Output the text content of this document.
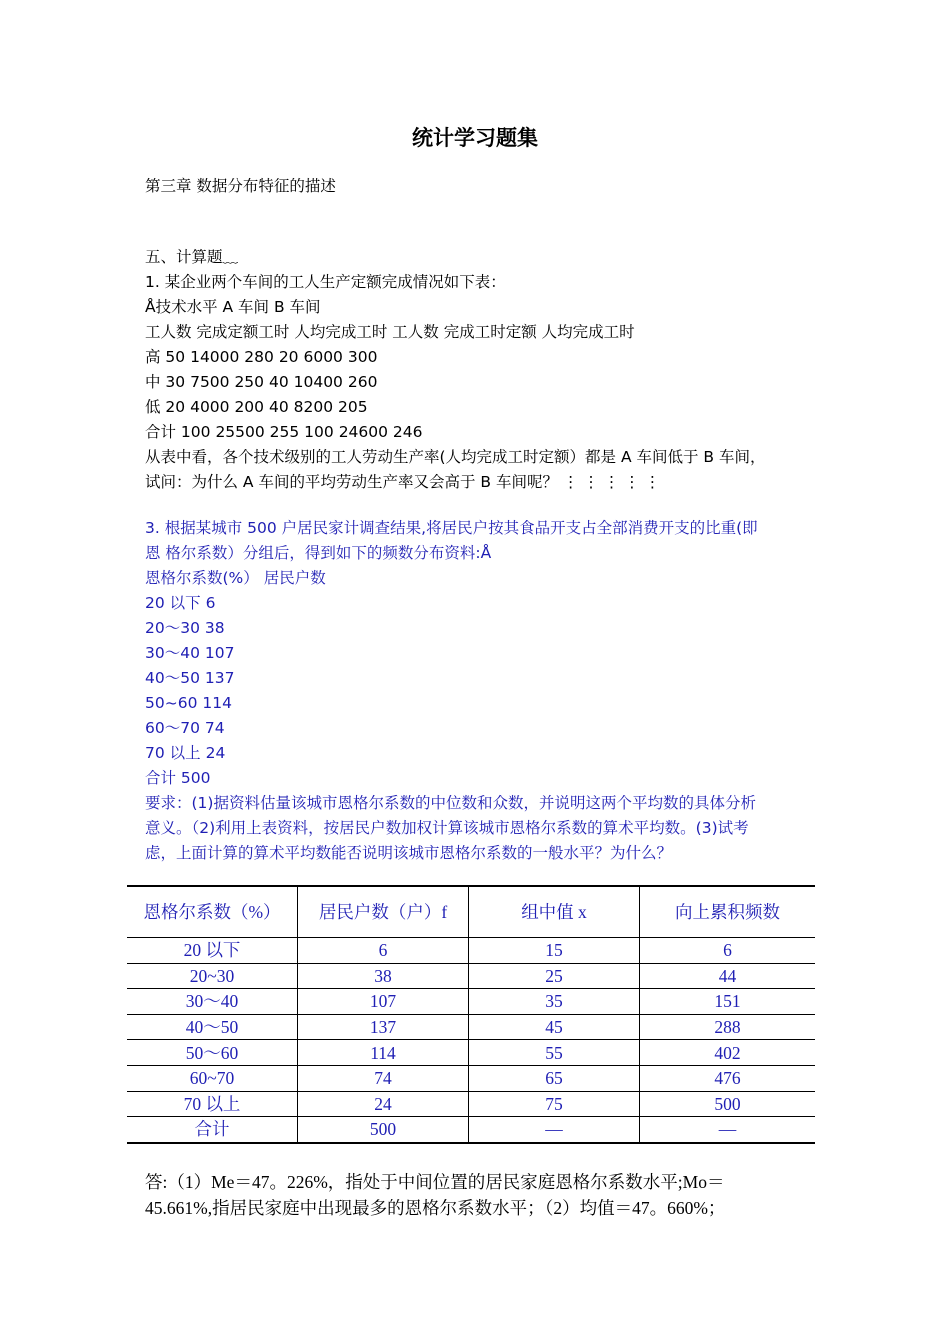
统计学习题集
第三章 数据分布特征的描述
五、计算题﹏
1. 某企业两个车间的工人生产定额完成情况如下表：
Å技术水平 A 车间 B 车间
工人数 完成定额工时 人均完成工时 工人数 完成工时定额 人均完成工时
高 50 14000 280 20 6000 300
中 30 7500 250 40 10400 260
低 20 4000 200 40 8200 205
合计 100 25500 255 100 24600 246
从表中看，各个技术级别的工人劳动生产率(人均完成工时定额）都是 A 车间低于 B 车间，
试问：为什么 A 车间的平均劳动生产率又会高于 B 车间呢？ ⋮ ⋮ ⋮ ⋮ ⋮
3. 根据某城市 500 户居民家计调查结果,将居民户按其食品开支占全部消费开支的比重(即
恩 格尔系数）分组后，得到如下的频数分布资料:Å
恩格尔系数(%） 居民户数
20 以下 6
20～30 38
30～40 107
40～50 137
50~60 114
60～70 74
70 以上 24
合计 500
要求：(1)据资料估量该城市恩格尔系数的中位数和众数，并说明这两个平均数的具体分析
意义。（2)利用上表资料，按居民户数加权计算该城市恩格尔系数的算术平均数。(3)试考
虑，上面计算的算术平均数能否说明该城市恩格尔系数的一般水平？为什么？
恩格尔系数（%）	居民户数（户）f	组中值 x	向上累积频数
20 以下	6	15	6
20~30	38	25	44
30～40	107	35	151
40～50	137	45	288
50～60	114	55	402
60~70	74	65	476
70 以上	24	75	500
合计	500	—	—
答:（1）Me＝47。226%，指处于中间位置的居民家庭恩格尔系数水平;Mo＝
45.661%,指居民家庭中出现最多的恩格尔系数水平；（2）均值＝47。660%；
